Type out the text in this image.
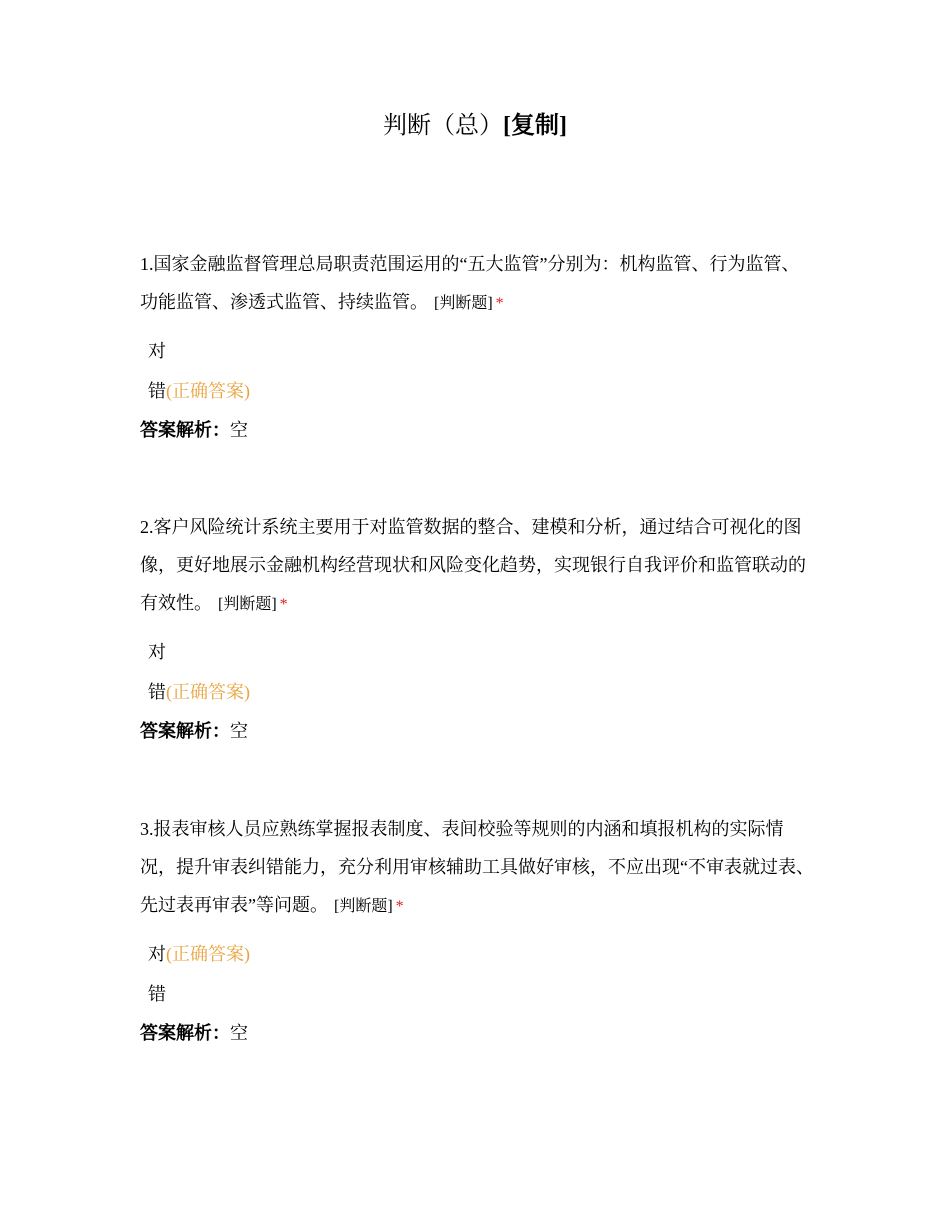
判断（总）[复制]

1.国家金融监督管理总局职责范围运用的“五大监管”分别为：机构监管、行为监管、功能监管、渗透式监管、持续监管。 [判断题] *

对
错(正确答案)
答案解析：空

2.客户风险统计系统主要用于对监管数据的整合、建模和分析，通过结合可视化的图像，更好地展示金融机构经营现状和风险变化趋势，实现银行自我评价和监管联动的有效性。 [判断题] *

对
错(正确答案)
答案解析：空

3.报表审核人员应熟练掌握报表制度、表间校验等规则的内涵和填报机构的实际情况，提升审表纠错能力，充分利用审核辅助工具做好审核，不应出现“不审表就过表、先过表再审表”等问题。 [判断题] *

对(正确答案)
错
答案解析：空
